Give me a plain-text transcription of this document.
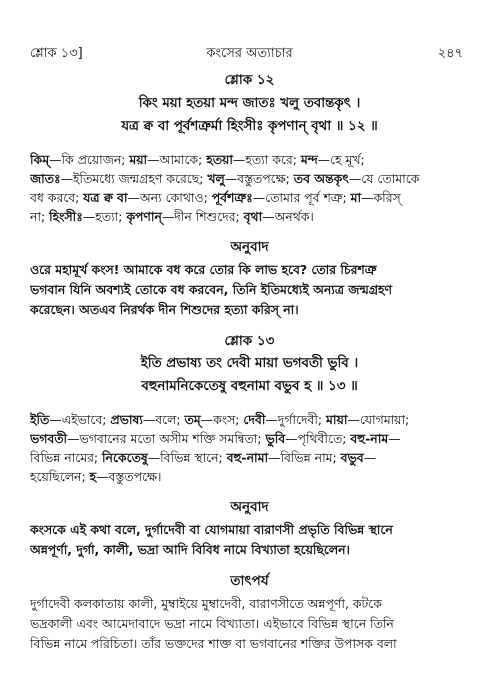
শ্লোক ১৩]	কংসের অত্যাচার	২৪৭
শ্লোক ১২
কিং ময়া হতয়া মন্দ জাতঃ খলু তবান্তকৃৎ ।
যত্র ক্ব বা পূর্বশত্রুর্মা হিংসীঃ কৃপণান্ বৃথা ॥ ১২ ॥
কিম্—কি প্রয়োজন; ময়া—আমাকে; হতয়া—হত্যা করে; মন্দ—হে মূর্খ;
জাতঃ—ইতিমধ্যে জন্মগ্রহণ করেছে; খলু—বস্তুতপক্ষে; তব অন্তকৃৎ—যে তোমাকে
বধ করবে; যত্র ক্ব বা—অন্য কোথাও; পূর্বশত্রুঃ—তোমার পূর্ব শত্রু; মা—করিস্
না; হিংসীঃ—হত্যা; কৃপণান্—দীন শিশুদের; বৃথা—অনর্থক।
অনুবাদ
ওরে মহামূর্খ কংস! আমাকে বধ করে তোর কি লাভ হবে? তোর চিরশত্রু
ভগবান যিনি অবশ্যই তোকে বধ করবেন, তিনি ইতিমধ্যেই অন্যত্র জন্মগ্রহণ
করেছেন। অতএব নিরর্থক দীন শিশুদের হত্যা করিস্ না।
শ্লোক ১৩
ইতি প্রভাষ্য তং দেবী মায়া ভগবতী ভুবি ।
বহুনামনিকেতেষু বহুনামা বভুব হ ॥ ১৩ ॥
ইতি—এইভাবে; প্রভাষ্য—বলে; তম্—কংস; দেবী—দুর্গাদেবী; মায়া—যোগমায়া;
ভগবতী—ভগবানের মতো অসীম শক্তি সমন্বিতা; ভুবি—পৃথিবীতে; বহু-নাম—
বিভিন্ন নামের; নিকেতেষু—বিভিন্ন স্থানে; বহু-নামা—বিভিন্ন নাম; বভুব—
হয়েছিলেন; হ—বস্তুতপক্ষে।
অনুবাদ
কংসকে এই কথা বলে, দুর্গাদেবী বা যোগমায়া বারাণসী প্রভৃতি বিভিন্ন স্থানে
অন্নপূর্ণা, দুর্গা, কালী, ভদ্রা আদি বিবিধ নামে বিখ্যাতা হয়েছিলেন।
তাৎপর্য
দুর্গাদেবী কলকাতায় কালী, মুম্বাইয়ে মুম্বাদেবী, বারাণসীতে অন্নপূর্ণা, কটকে
ভদ্রকালী এবং আমেদাবাদে ভদ্রা নামে বিখ্যাতা। এইভাবে বিভিন্ন স্থানে তিনি
বিভিন্ন নামে পরিচিতা। তাঁর ভক্তদের শাক্ত বা ভগবানের শক্তির উপাসক বলা
